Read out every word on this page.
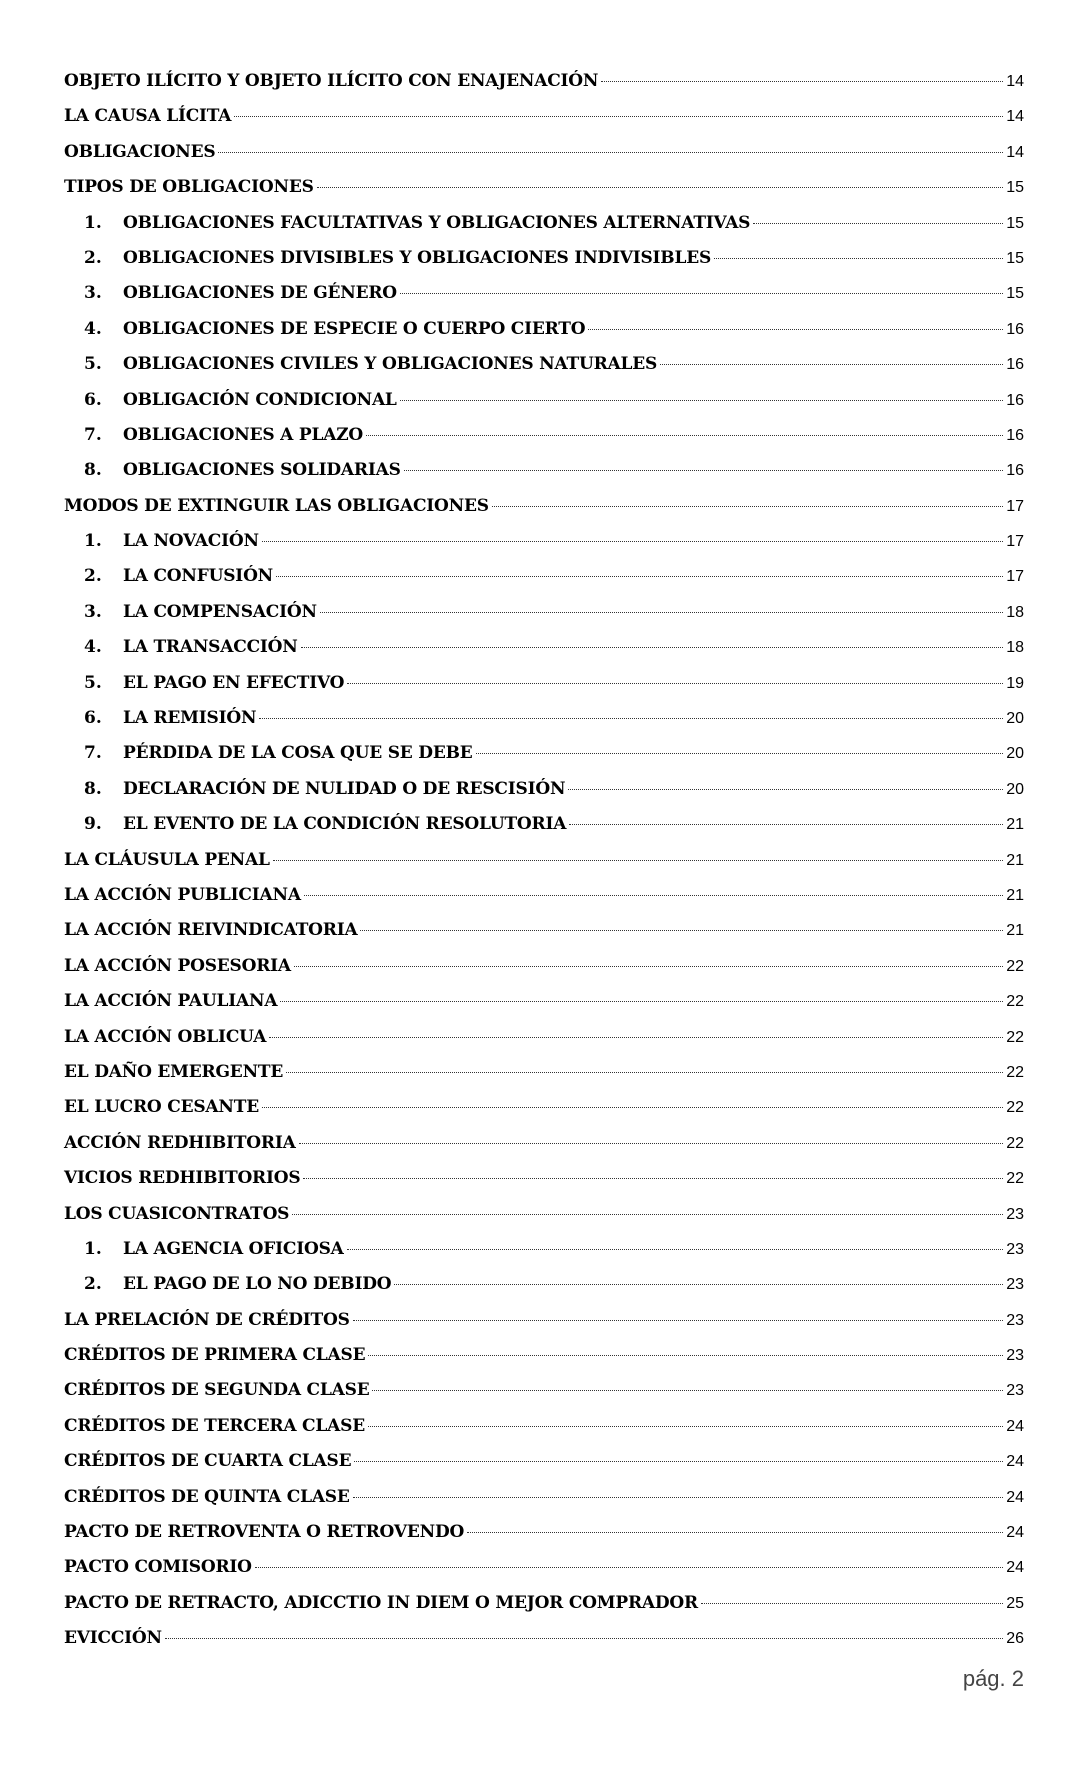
OBJETO ILÍCITO Y OBJETO ILÍCITO CON ENAJENACIÓN	14
LA CAUSA LÍCITA	14
OBLIGACIONES	14
TIPOS DE OBLIGACIONES	15
1.	OBLIGACIONES FACULTATIVAS Y OBLIGACIONES ALTERNATIVAS	15
2.	OBLIGACIONES DIVISIBLES Y OBLIGACIONES INDIVISIBLES	15
3.	OBLIGACIONES DE GÉNERO	15
4.	OBLIGACIONES DE ESPECIE O CUERPO CIERTO	16
5.	OBLIGACIONES CIVILES Y OBLIGACIONES NATURALES	16
6.	OBLIGACIÓN CONDICIONAL	16
7.	OBLIGACIONES A PLAZO	16
8.	OBLIGACIONES SOLIDARIAS	16
MODOS DE EXTINGUIR LAS OBLIGACIONES	17
1.	LA NOVACIÓN	17
2.	LA CONFUSIÓN	17
3.	LA COMPENSACIÓN	18
4.	LA TRANSACCIÓN	18
5.	EL PAGO EN EFECTIVO	19
6.	LA REMISIÓN	20
7.	PÉRDIDA DE LA COSA QUE SE DEBE	20
8.	DECLARACIÓN DE NULIDAD O DE RESCISIÓN	20
9.	EL EVENTO DE LA CONDICIÓN RESOLUTORIA	21
LA CLÁUSULA PENAL	21
LA ACCIÓN PUBLICIANA	21
LA ACCIÓN REIVINDICATORIA	21
LA ACCIÓN POSESORIA	22
LA ACCIÓN PAULIANA	22
LA ACCIÓN OBLICUA	22
EL DAÑO EMERGENTE	22
EL LUCRO CESANTE	22
ACCIÓN REDHIBITORIA	22
VICIOS REDHIBITORIOS	22
LOS CUASICONTRATOS	23
1.	LA AGENCIA OFICIOSA	23
2.	EL PAGO DE LO NO DEBIDO	23
LA PRELACIÓN DE CRÉDITOS	23
CRÉDITOS DE PRIMERA CLASE	23
CRÉDITOS DE SEGUNDA CLASE	23
CRÉDITOS DE TERCERA CLASE	24
CRÉDITOS DE CUARTA CLASE	24
CRÉDITOS DE QUINTA CLASE	24
PACTO DE RETROVENTA O RETROVENDO	24
PACTO COMISORIO	24
PACTO DE RETRACTO, ADICCTIO IN DIEM O MEJOR COMPRADOR	25
EVICCIÓN	26
pág. 2
